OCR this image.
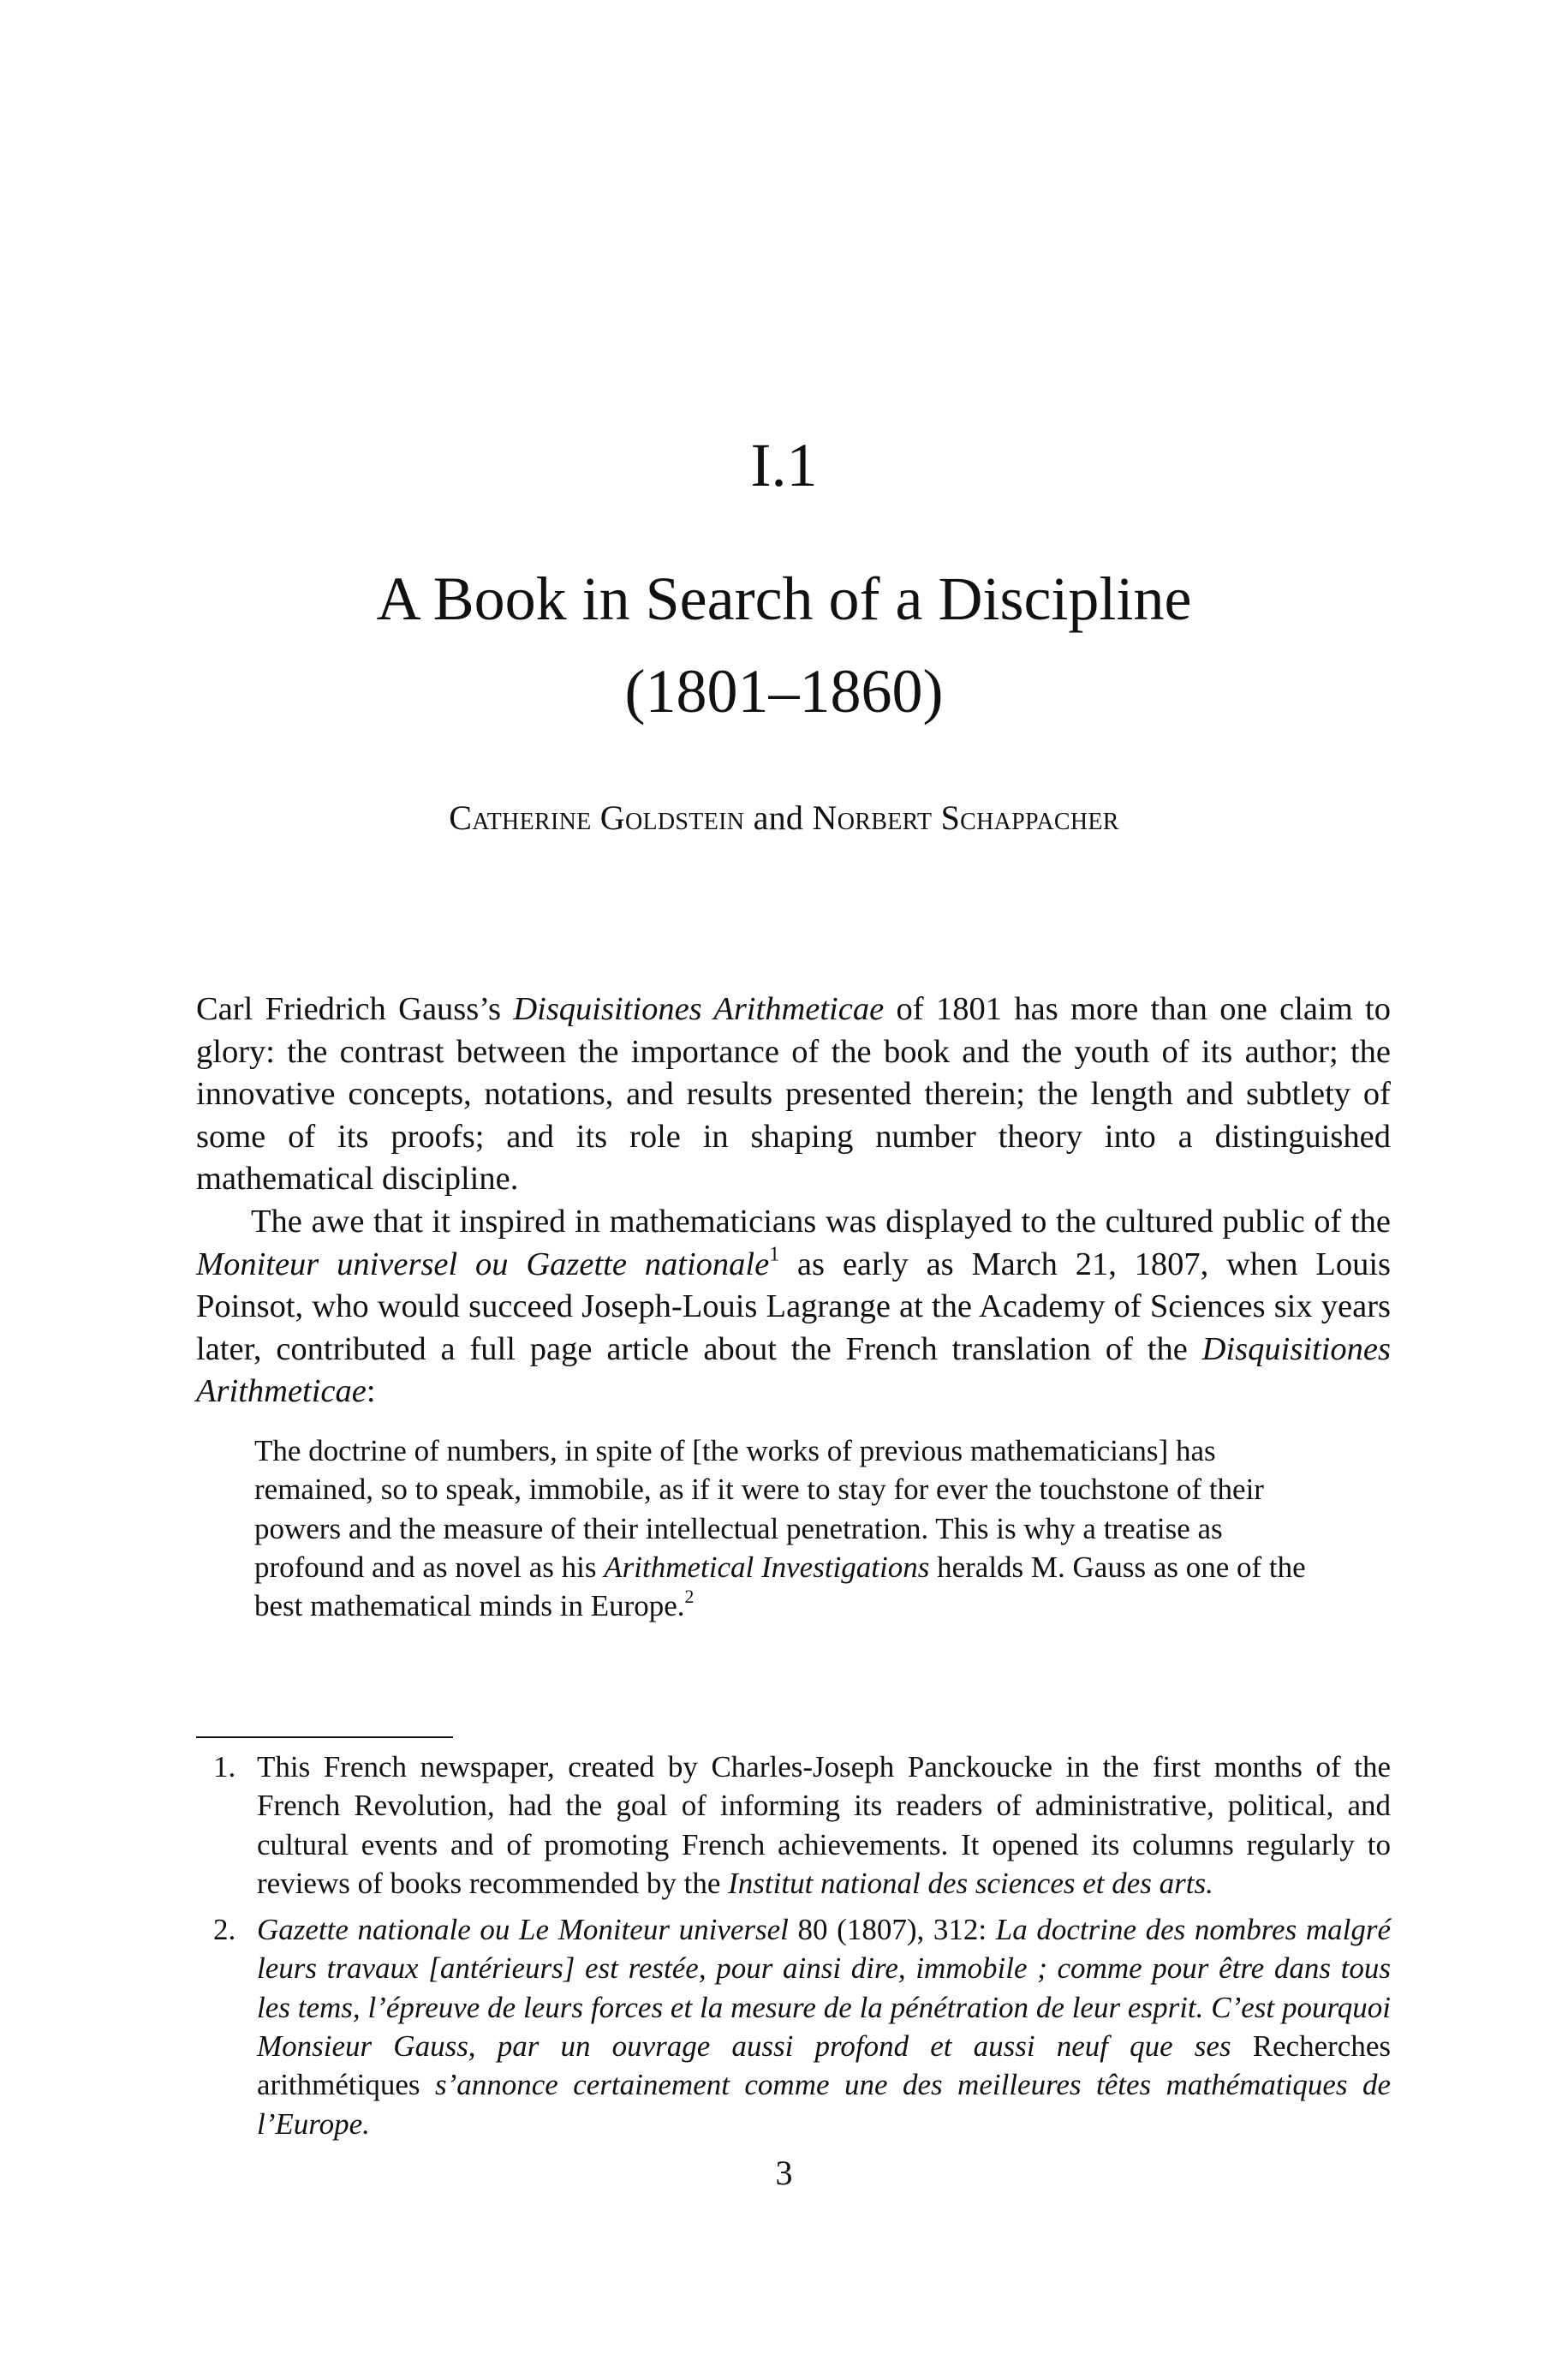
I.1
A Book in Search of a Discipline
(1801–1860)
Catherine Goldstein and Norbert Schappacher

Carl Friedrich Gauss’s Disquisitiones Arithmeticae of 1801 has more than one claim to glory: the contrast between the importance of the book and the youth of its author; the innovative concepts, notations, and results presented therein; the length and subtlety of some of its proofs; and its role in shaping number theory into a distinguished mathematical discipline.

The awe that it inspired in mathematicians was displayed to the cultured public of the Moniteur universel ou Gazette nationale$^1$ as early as March 21, 1807, when Louis Poinsot, who would succeed Joseph-Louis Lagrange at the Academy of Sciences six years later, contributed a full page article about the French translation of the Disquisitiones Arithmeticae:

The doctrine of numbers, in spite of [the works of previous mathematicians] has remained, so to speak, immobile, as if it were to stay for ever the touchstone of their powers and the measure of their intellectual penetration. This is why a treatise as profound and as novel as his Arithmetical Investigations heralds M. Gauss as one of the best mathematical minds in Europe.$^2$
1. This French newspaper, created by Charles-Joseph Panckoucke in the first months of the French Revolution, had the goal of informing its readers of administrative, political, and cultural events and of promoting French achievements. It opened its columns regularly to reviews of books recommended by the Institut national des sciences et des arts.
2. Gazette nationale ou Le Moniteur universel 80 (1807), 312: La doctrine des nombres malgré leurs travaux [antérieurs] est restée, pour ainsi dire, immobile ; comme pour être dans tous les tems, l’épreuve de leurs forces et la mesure de la pénétration de leur esprit. C’est pourquoi Monsieur Gauss, par un ouvrage aussi profond et aussi neuf que ses Recherches arithmétiques s’annonce certainement comme une des meilleures têtes mathématiques de l’Europe.
3
